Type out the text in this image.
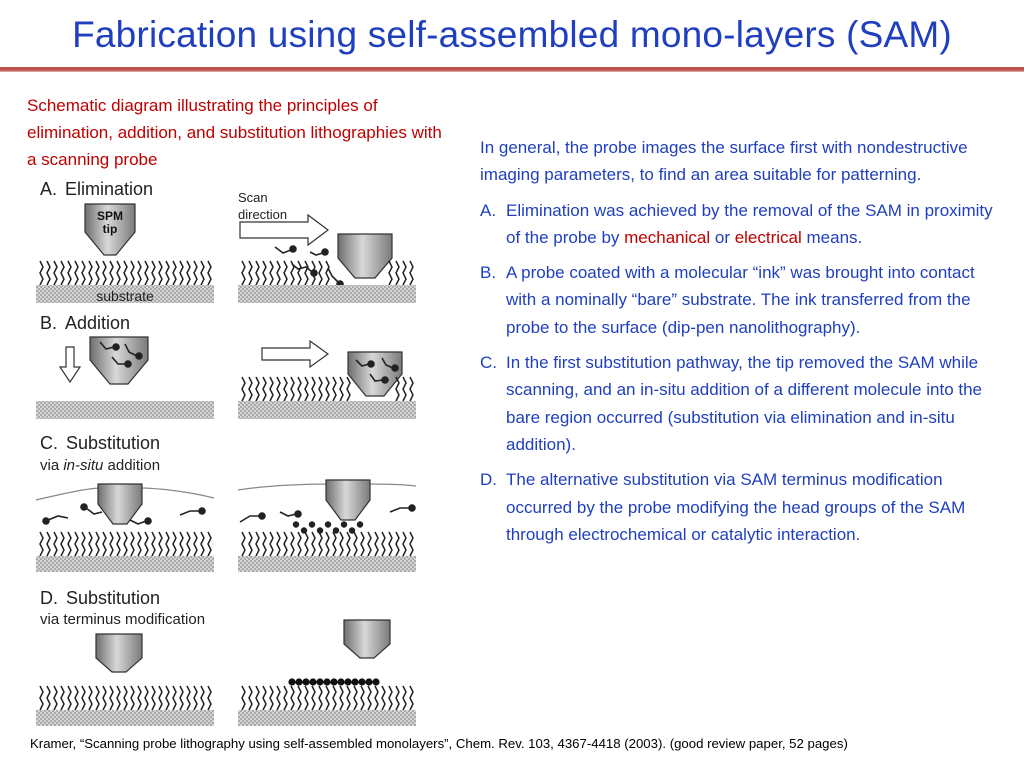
Fabrication using self-assembled mono-layers (SAM)
Schematic diagram illustrating the principles of elimination, addition, and substitution lithographies with a scanning probe
A. Elimination
SPM
tip
substrate
Scan
direction
B. Addition
C. Substitution
via in-situ addition
D. Substitution
via terminus modification
In general, the probe images the surface first with nondestructive imaging parameters, to find an area suitable for patterning.
A. Elimination was achieved by the removal of the SAM in proximity of the probe by mechanical or electrical means.
B. A probe coated with a molecular “ink” was brought into contact with a nominally “bare” substrate. The ink transferred from the probe to the surface (dip-pen nanolithography).
C. In the first substitution pathway, the tip removed the SAM while scanning, and an in-situ addition of a different molecule into the bare region occurred (substitution via elimination and in-situ addition).
D. The alternative substitution via SAM terminus modification occurred by the probe modifying the head groups of the SAM through electrochemical or catalytic interaction.
Kramer, “Scanning probe lithography using self-assembled monolayers”, Chem. Rev. 103, 4367-4418 (2003). (good review paper, 52 pages)
